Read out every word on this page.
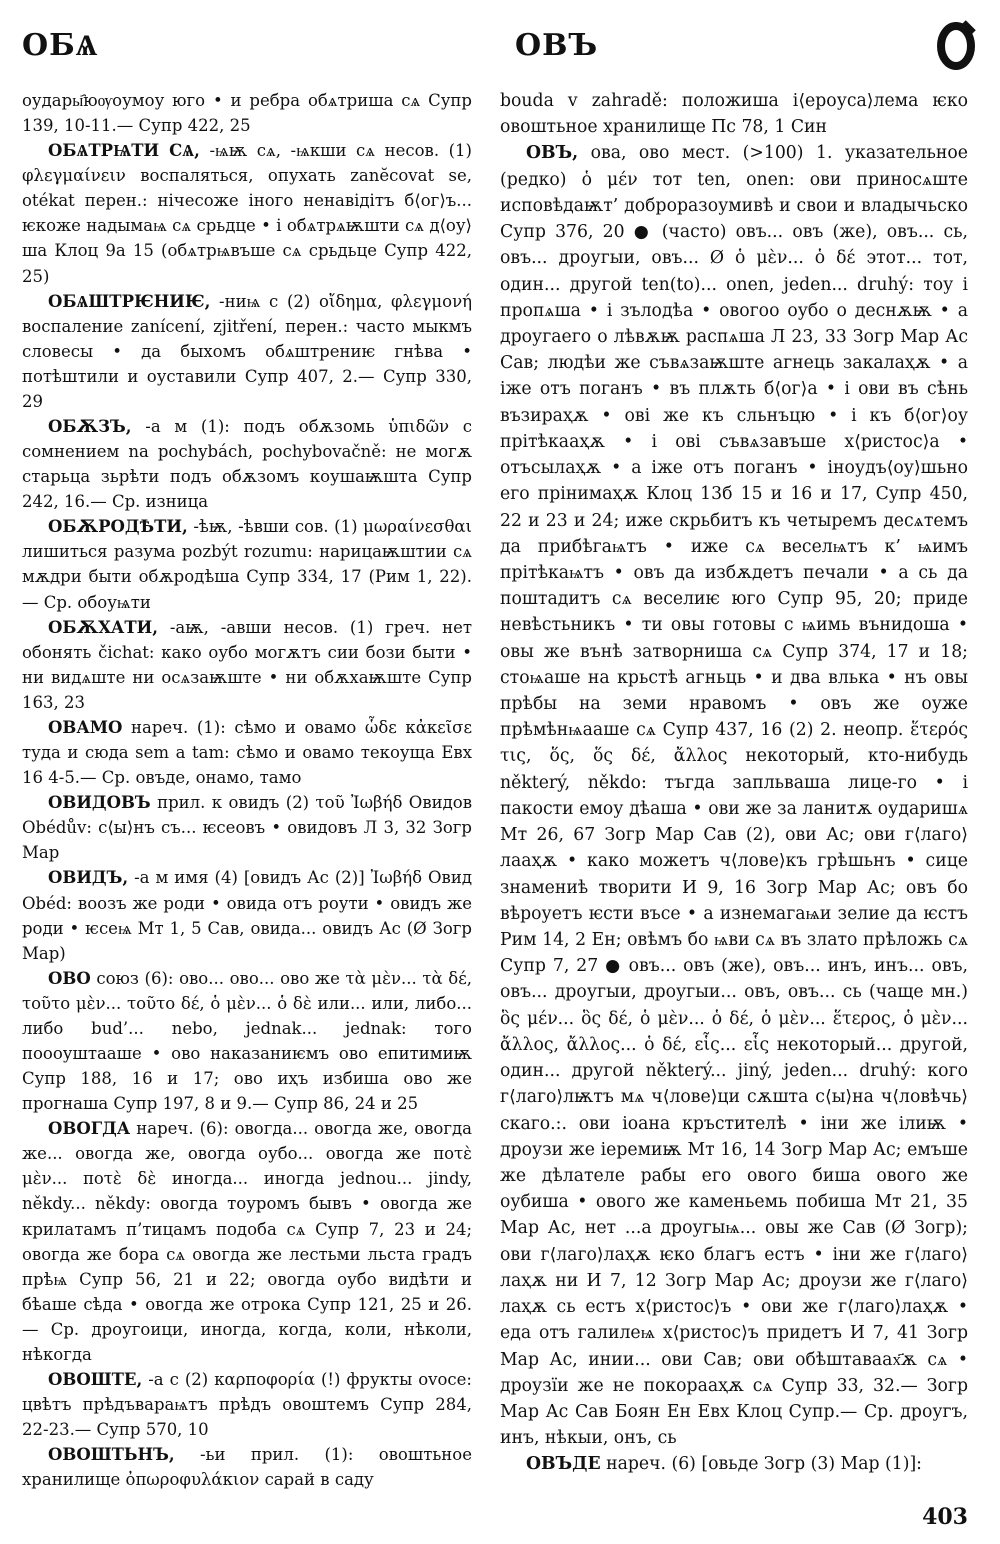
ОБѦ	ОВЪ

оудары҄юѹоумоу юго • и ребра обѧтриша сѧ Супр 139, 10-11.— Супр 422, 25

ОБѦТРѨТИ СѦ, -ѩѭ сѧ, -ѩкши сѧ несов. (1) φλεγμαίνειν воспаляться, опухать zanĕcovat se, otékat перен.: нічесоже іного ненавідітъ б⟨ог⟩ъ... ѥкоже надымаѩ сѧ срьдце • і обѧтрѧѭшти сѧ д⟨оу⟩ша Клоц 9а 15 (обѧтрѩвъше сѧ срьдьце Супр 422, 25)

ОБѦШТРѤНИѤ, -ниѩ с (2) οἴδημα, φλεγμονή воспаление zanícení, zjitření, перен.: часто мыкмъ словесы • да быхомъ обѧштрениѥ гнѣва • потѣштили и оуставили Супр 407, 2.— Супр 330, 29

ОБѪЗЪ, -а м (1): подъ обѫзомь ὑπιδῶν с сомнением na pochybách, pochybovačně: не могѫ старьца зьрѣти подъ обѫзомъ коушаѭшта Супр 242, 16.— Ср. изница

ОБѪРОДѢТИ, -ѣѭ, -ѣвши сов. (1) μωραίνεσθαι лишиться разума pozbýt rozumu: нарицаѭштии сѧ мѫдри быти обѫродѣша Супр 334, 17 (Рим 1, 22).— Ср. обоуѩти

ОБѪХАТИ, -аѭ, -авши несов. (1) греч. нет обонять čichat: како оубо могѫтъ сии бози быти • ни видѧште ни осѧзаѭште • ни обѫхаѭште Супр 163, 23

ОВАМО нареч. (1): сѣмо и овамо ὧδε κἀκεῖσε туда и сюда sem a tam: сѣмо и овамо текоуща Евх 16 4-5.— Ср. овъде, онамо, тамо

ОВИДОВЪ прил. к овидъ (2) τοῦ Ἰωβήδ Овидов Obédův: с⟨ы⟩нъ съ... ѥсеовъ • овидовъ Л 3, 32 Зогр Мар

ОВИДЪ, -а м имя (4) [овидъ Ас (2)] Ἰωβήδ Овид Obéd: воозъ же роди • овида отъ роути • овидъ же роди • ѥсеѩ Мт 1, 5 Сав, овида... овидъ Ас (Ø Зогр Мар)

ОВО союз (6): ово... ово... ово же τὰ μὲν... τὰ δέ, τοῦτο μὲν... τοῦτο δέ, ὁ μὲν... ὁ δὲ или... или, либо... либо bud’... nebo, jednak... jednak: того поооуштааше • ово наказаниѥмъ ово епитимиѭ Супр 188, 16 и 17; ово иҳъ избиша ово же прогнаша Супр 197, 8 и 9.— Супр 86, 24 и 25

ОВОГДА нареч. (6): овогда... овогда же, овогда же... овогда же, овогда оубо... овогда же ποτὲ μὲν... ποτὲ δὲ иногда... иногда jednou... jindy, někdy... někdy: овогда тоуромъ бывъ • овогда же крилатамъ п’тицамъ подоба сѧ Супр 7, 23 и 24; овогда же бора сѧ овогда же лестьми льста градъ прѣѩ Супр 56, 21 и 22; овогда оубо видѣти и бѣаше сѣда • овогда же отрока Супр 121, 25 и 26.— Ср. дроугоици, иногда, когда, коли, нѣколи, нѣкогда

ОВОШТЕ, -а с (2) καρποφορία (!) фрукты ovoce: цвѣтъ прѣдъвараѩтъ прѣдъ овоштемъ Супр 284, 22-23.— Супр 570, 10

ОВОШТЬНЪ, -ьи прил. (1): овоштьное хранилище ὀπωροφυλάκιον сарай в саду

bouda v zahradě: положиша і⟨ероуса⟩лема ѥко овоштьное хранилище Пс 78, 1 Син

ОВЪ, ова, ово мест. (>100) 1. указательное (редко) ὁ μέν тот ten, onen: ови приносѧште исповѣдаѭт’ доброразоумивѣ и свои и владычьско Супр 376, 20 ● (часто) овъ... овъ (же), овъ... сь, овъ... дроугыи, овъ... Ø ὁ μὲν... ὁ δέ этот... тот, один... другой ten(to)... onen, jeden... druhý: тоу і пропѧша • і зълодѣа • овогоо оубо о деснѫѭ • а дроугаего о лѣвѫѭ распѧша Л 23, 33 Зогр Мар Ас Сав; людѣи же съвѧзаѭште агнець закалаҳѫ • а іже отъ поганъ • въ плѫть б⟨ог⟩а • і ови въ сѣнь възираҳѫ • ові же къ сльнъцю • і къ б⟨ог⟩оу прітѣкааҳѫ • і ові съвѧзавъше х⟨ристос⟩а • отъсылаҳѫ • а іже отъ поганъ • іноудъ⟨оу⟩шьно его прінимаҳѫ Клоц 13б 15 и 16 и 17, Супр 450, 22 и 23 и 24; иже скрьбитъ къ четыремъ десѧтемъ да прибѣгаѩтъ • иже сѧ веселѩтъ к’ ѩимъ прітѣкаѩтъ • овъ да избѫдетъ печали • а сь да поштадитъ сѧ веселиѥ юго Супр 95, 20; приде невѣстьникъ • ти овы готовы с ѩимь вънидоша • овы же вънѣ затворниша сѧ Супр 374, 17 и 18; стоѩаше на крьстѣ агньць • и два влька • нъ овы прѣбы на земи нравомъ • овъ же оуже прѣмѣнѩааше сѧ Супр 437, 16 (2) 2. неопр. ἕτερός τις, ὅς, ὅς δέ, ἄλλος некоторый, кто-нибудь některý, někdo: тъгда запльваша лице-го • і пакости емоу дѣаша • ови же за ланитѫ оударишѧ Мт 26, 67 Зогр Мар Сав (2), ови Ас; ови г⟨лаго⟩лааҳѫ • како можетъ ч⟨лове⟩къ грѣшьнъ • сице знамениѣ творити И 9, 16 Зогр Мар Ас; овъ бо вѣроуетъ ѥсти въсе • а изнемагаѩи зелие да ѥстъ Рим 14, 2 Ен; овѣмъ бо ѩви сѧ въ злато прѣложь сѧ Супр 7, 27 ● овъ... овъ (же), овъ... инъ, инъ... овъ, овъ... дроугыи, дроугыи... овъ, овъ... сь (чаще мн.) ὃς μέν... ὃς δέ, ὁ μὲν... ὁ δέ, ὁ μὲν... ἕτερος, ὁ μὲν... ἄλλος, ἄλλος... ὁ δέ, εἷς... εἷς некоторый... другой, один... другой některý... jiný, jeden... druhý: кого г⟨лаго⟩лѭтъ мѧ ч⟨лове⟩ци сѫшта с⟨ы⟩на ч⟨ловѣчь⟩скаго.:. ови іоана кръстителѣ • іни же ілиѭ • дроузи же іеремиѭ Мт 16, 14 Зогр Мар Ас; емъше же дѣлателе рабы его овогo биша ового же оубиша • овогo же каменьемь побиша Мт 21, 35 Мар Ас, нет ...а дроугыѩ... овы же Сав (Ø Зогр); ови г⟨лаго⟩лаҳѫ ѥко благъ естъ • іни же г⟨лаго⟩лаҳѫ ни И 7, 12 Зогр Мар Ас; дроузи же г⟨лаго⟩лаҳѫ сь естъ х⟨ристос⟩ъ • ови же г⟨лаго⟩лаҳѫ • еда отъ галилеѩ х⟨ристос⟩ъ придетъ И 7, 41 Зогр Мар Ас, инии... ови Сав; ови обѣштаваах҃ѫ сѧ • дроузїи же не покорааҳѫ сѧ Супр 33, 32.— Зогр Мар Ас Сав Боян Ен Евх Клоц Супр.— Ср. дроугъ, инъ, нѣкыи, онъ, сь

ОВЪДЕ нареч. (6) [овьде Зогр (3) Мар (1)]:

403
